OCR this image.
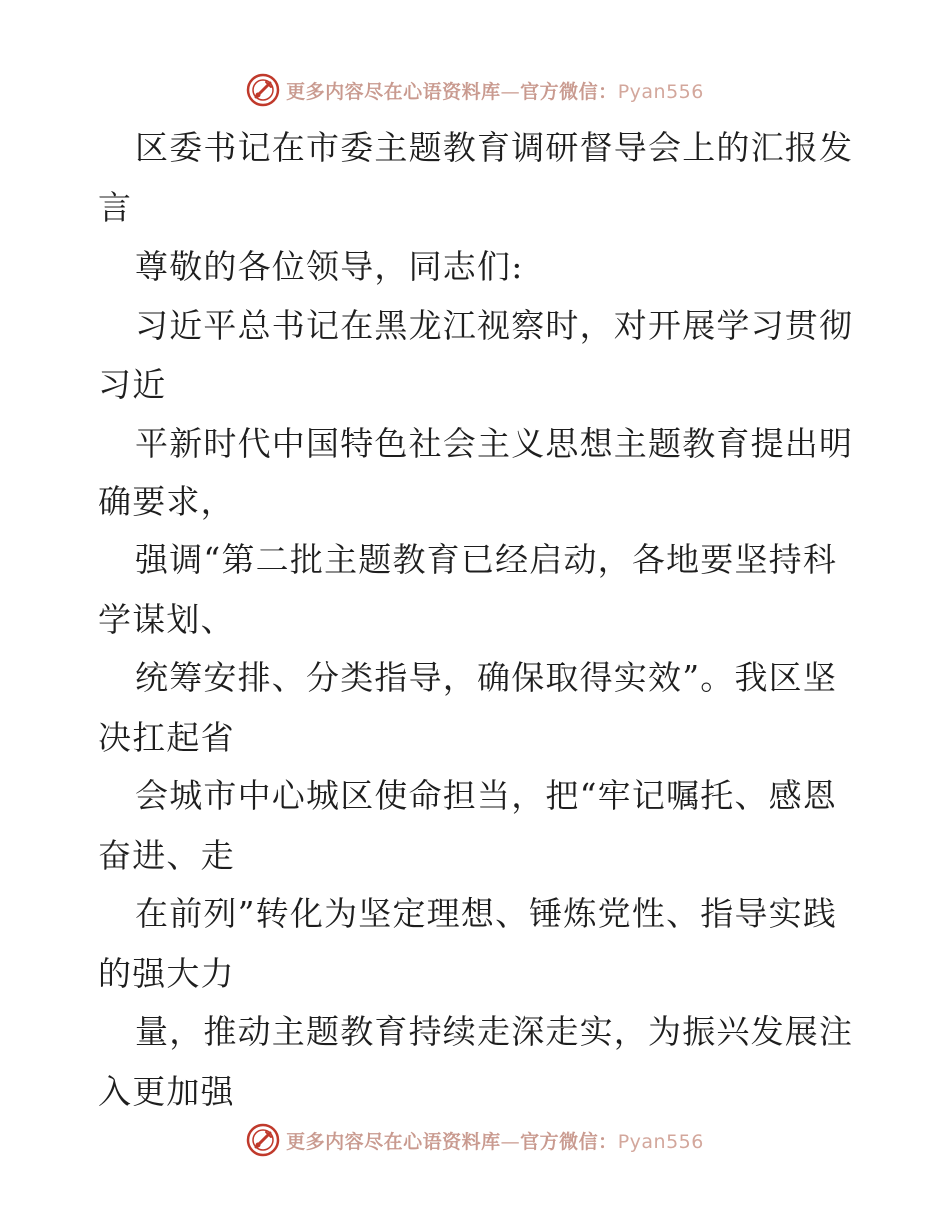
更多内容尽在心语资料库—官方微信：Pyan556
区委书记在市委主题教育调研督导会上的汇报发
言
尊敬的各位领导，同志们:
习近平总书记在黑龙江视察时，对开展学习贯彻
习近
平新时代中国特色社会主义思想主题教育提出明
确要求，
强调“第二批主题教育已经启动，各地要坚持科
学谋划、
统筹安排、分类指导，确保取得实效”。我区坚
决扛起省
会城市中心城区使命担当，把“牢记嘱托、感恩
奋进、走
在前列”转化为坚定理想、锤炼党性、指导实践
的强大力
量，推动主题教育持续走深走实，为振兴发展注
入更加强
更多内容尽在心语资料库—官方微信：Pyan556
